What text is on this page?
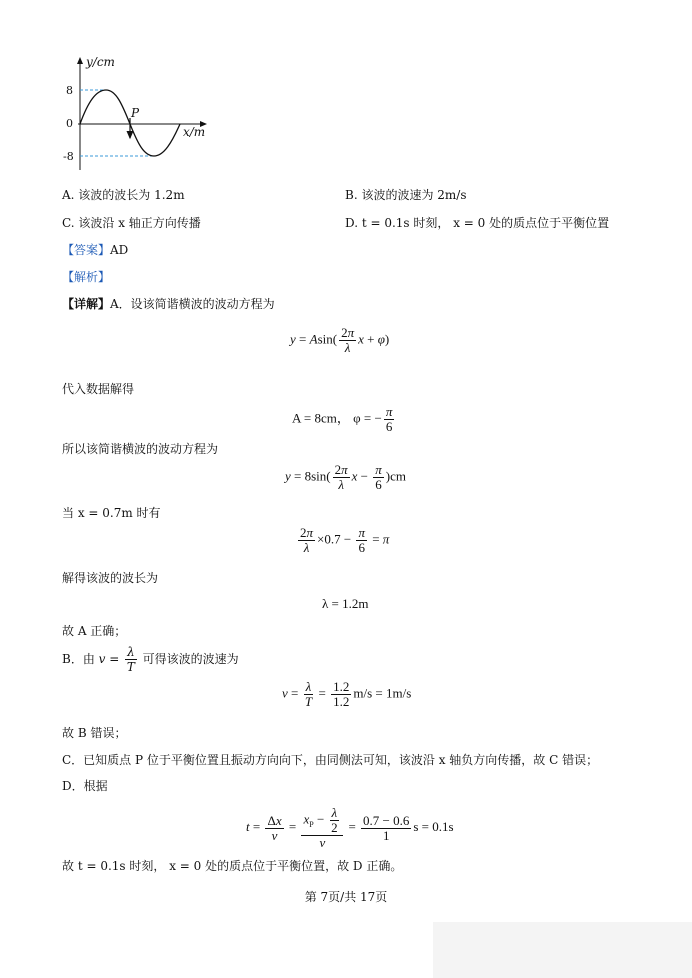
y/cm
x/m
8
0
-8
P
A. 该波的波长为 1.2m	B. 该波的波速为 2m/s
C. 该波沿 x 轴正方向传播	D. t = 0.1s 时刻， x = 0 处的质点位于平衡位置
【答案】AD
【解析】
【详解】A．设该简谐横波的波动方程为
$y = Asin( \frac{2\pi}{\lambda}$ x + φ)
代入数据解得
A = 8cm， φ = − $\frac{\pi}{6}$
所以该简谐横波的波动方程为
$y = 8\sin( \frac{2\pi}{\lambda}$ $x - \frac{\pi}{6} )cm$
当 x = 0.7m 时有
$\frac{2\pi}{\lambda} \times 0.7 - \frac{\pi}{6} = \pi$
解得该波的波长为
λ = 1.2m
故 A 正确；
B．由 $v = \frac{\lambda}{T}$ 可得该波的波速为
$v = \frac{\lambda}{T} = \frac{1.2}{1.2} m/s = 1m/s$
故 B 错误；
C．已知质点 P 位于平衡位置且振动方向向下，由同侧法可知，该波沿 x 轴负方向传播，故 C 错误；
D．根据
$t = \frac{\Delta x}{v} = \frac{x_P - \frac{\lambda}{2}}{v} = \frac{0.7 - 0.6}{1}$ s = 0.1s
故 t = 0.1s 时刻， x = 0 处的质点位于平衡位置，故 D 正确。
第 7页/共 17页
